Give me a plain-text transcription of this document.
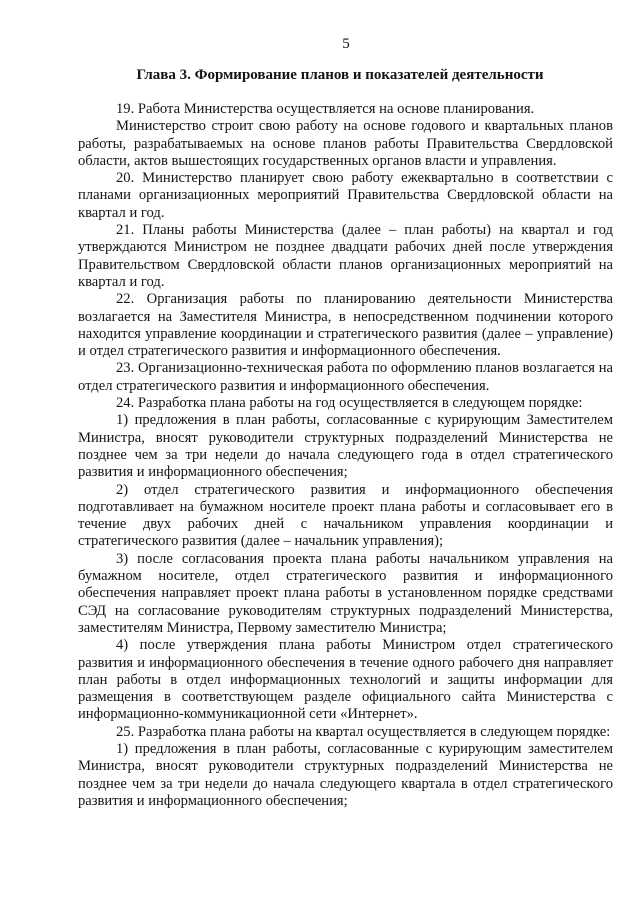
5
Глава 3. Формирование планов и показателей деятельности

19. Работа Министерства осуществляется на основе планирования.

Министерство строит свою работу на основе годового и квартальных планов работы, разрабатываемых на основе планов работы Правительства Свердловской области, актов вышестоящих государственных органов власти и управления.

20. Министерство планирует свою работу ежеквартально в соответствии с планами организационных мероприятий Правительства Свердловской области на квартал и год.

21. Планы работы Министерства (далее – план работы) на квартал и год утверждаются Министром не позднее двадцати рабочих дней после утверждения Правительством Свердловской области планов организационных мероприятий на квартал и год.

22. Организация работы по планированию деятельности Министерства возлагается на Заместителя Министра, в непосредственном подчинении которого находится управление координации и стратегического развития (далее – управление) и отдел стратегического развития и информационного обеспечения.

23. Организационно-техническая работа по оформлению планов возлагается на отдел стратегического развития и информационного обеспечения.

24. Разработка плана работы на год осуществляется в следующем порядке:

1) предложения в план работы, согласованные с курирующим Заместителем Министра, вносят руководители структурных подразделений Министерства не позднее чем за три недели до начала следующего года в отдел стратегического развития и информационного обеспечения;

2) отдел стратегического развития и информационного обеспечения подготавливает на бумажном носителе проект плана работы и согласовывает его в течение двух рабочих дней с начальником управления координации и стратегического развития (далее – начальник управления);

3) после согласования проекта плана работы начальником управления на бумажном носителе, отдел стратегического развития и информационного обеспечения направляет проект плана работы в установленном порядке средствами СЭД на согласование руководителям структурных подразделений Министерства, заместителям Министра, Первому заместителю Министра;

4) после утверждения плана работы Министром отдел стратегического развития и информационного обеспечения в течение одного рабочего дня направляет план работы в отдел информационных технологий и защиты информации для размещения в соответствующем разделе официального сайта Министерства с информационно-коммуникационной сети «Интернет».

25. Разработка плана работы на квартал осуществляется в следующем порядке:

1) предложения в план работы, согласованные с курирующим заместителем Министра, вносят руководители структурных подразделений Министерства не позднее чем за три недели до начала следующего квартала в отдел стратегического развития и информационного обеспечения;
